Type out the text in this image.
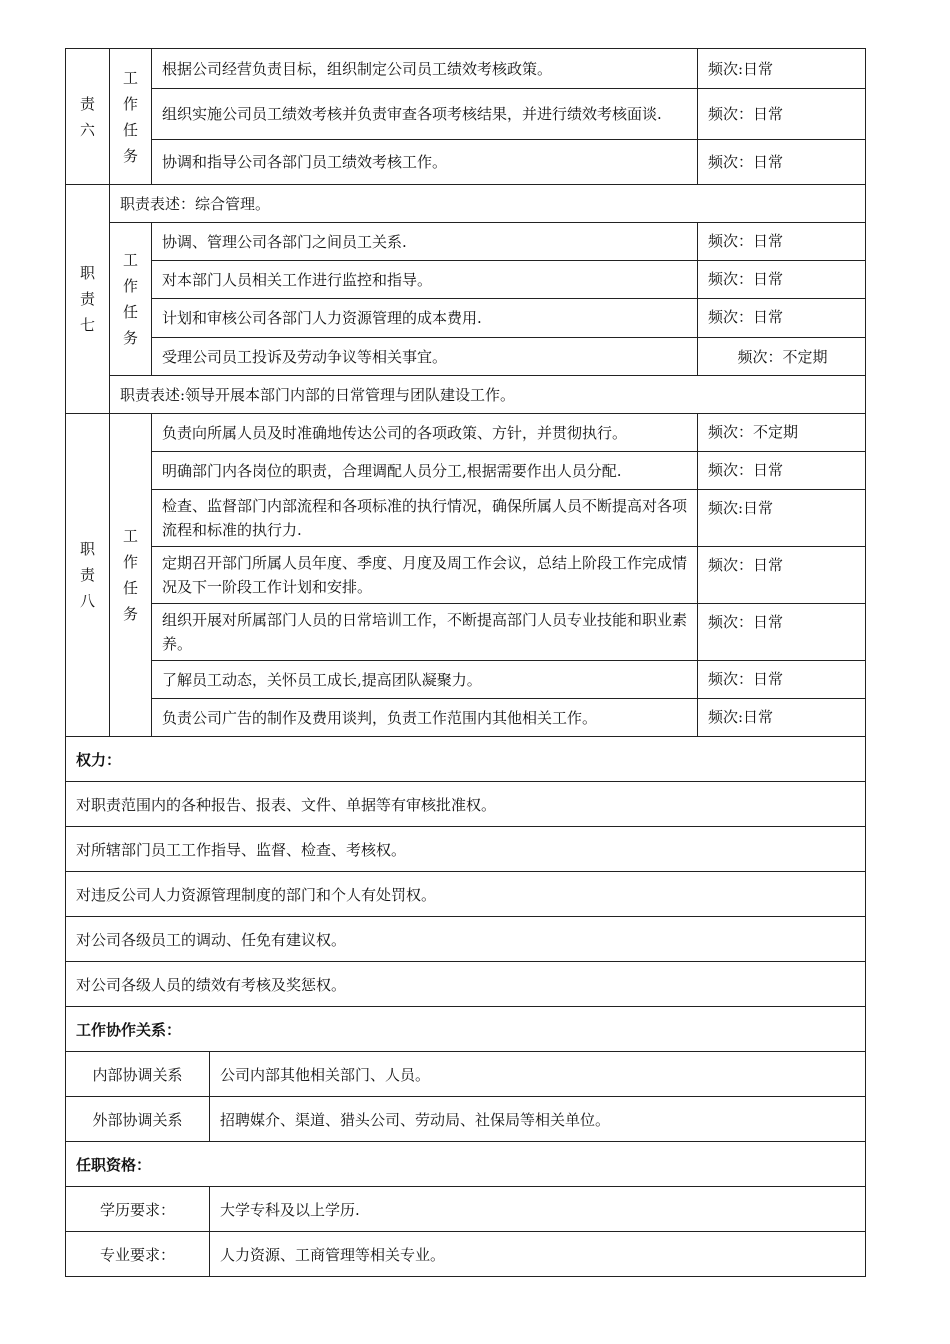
责六	工作任务	根据公司经营负责目标，组织制定公司员工绩效考核政策。	频次:日常
		组织实施公司员工绩效考核并负责审查各项考核结果，并进行绩效考核面谈.	频次：日常
		协调和指导公司各部门员工绩效考核工作。	频次：日常
职责七	职责表述：综合管理。		
	工作任务	协调、管理公司各部门之间员工关系.	频次：日常
		对本部门人员相关工作进行监控和指导。	频次：日常
		计划和审核公司各部门人力资源管理的成本费用.	频次：日常
		受理公司员工投诉及劳动争议等相关事宜。	频次：不定期
	职责表述:领导开展本部门内部的日常管理与团队建设工作。		
职责八	工作任务	负责向所属人员及时准确地传达公司的各项政策、方针，并贯彻执行。	频次：不定期
		明确部门内各岗位的职责，合理调配人员分工,根据需要作出人员分配.	频次：日常
		检查、监督部门内部流程和各项标准的执行情况，确保所属人员不断提高对各项流程和标准的执行力.	频次:日常
		定期召开部门所属人员年度、季度、月度及周工作会议，总结上阶段工作完成情况及下一阶段工作计划和安排。	频次：日常
		组织开展对所属部门人员的日常培训工作，不断提高部门人员专业技能和职业素养。	频次：日常
		了解员工动态，关怀员工成长,提高团队凝聚力。	频次：日常
		负责公司广告的制作及费用谈判，负责工作范围内其他相关工作。	频次:日常
权力：	
对职责范围内的各种报告、报表、文件、单据等有审核批准权。	
对所辖部门员工工作指导、监督、检查、考核权。	
对违反公司人力资源管理制度的部门和个人有处罚权。	
对公司各级员工的调动、任免有建议权。	
对公司各级人员的绩效有考核及奖惩权。	
工作协作关系：	
内部协调关系	公司内部其他相关部门、人员。
外部协调关系	招聘媒介、渠道、猎头公司、劳动局、社保局等相关单位。
任职资格：	
学历要求：	大学专科及以上学历.
专业要求：	人力资源、工商管理等相关专业。
